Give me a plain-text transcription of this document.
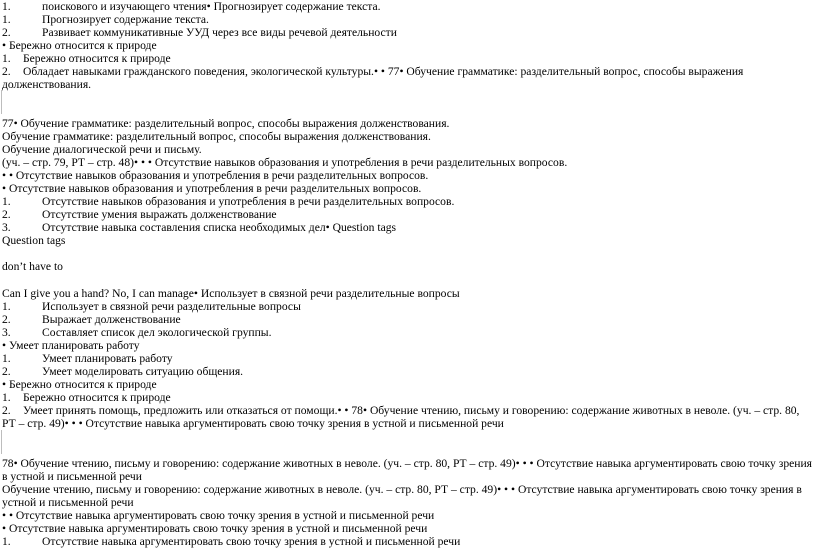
1.	поискового и изучающего чтения• Прогнозирует содержание текста.
1.	Прогнозирует содержание текста.
2.	Развивает коммуникативные УУД через все виды речевой деятельности
• Бережно относится к природе
1. Бережно относится к природе
2. Обладает навыками гражданского поведения, экологической культуры.• • 77• Обучение грамматике: разделительный вопрос, способы выражения долженствования.
77• Обучение грамматике: разделительный вопрос, способы выражения долженствования.
Обучение грамматике: разделительный вопрос, способы выражения долженствования.
Обучение диалогической речи и письму.
(уч. – стр. 79, РТ – стр. 48)• • • Отсутствие навыков образования и употребления в речи разделительных вопросов.
• • Отсутствие навыков образования и употребления в речи разделительных вопросов.
• Отсутствие навыков образования и употребления в речи разделительных вопросов.
1.	Отсутствие навыков образования и употребления в речи разделительных вопросов.
2.	Отсутствие умения выражать долженствование
3.	Отсутствие навыка составления списка необходимых дел• Question tags
Question tags
don’t have to
Can I give you a hand? No, I can manage• Использует в связной речи разделительные вопросы
1.	Использует в связной речи разделительные вопросы
2.	Выражает долженствование
3.	Составляет список дел экологической группы.
• Умеет планировать работу
1.	Умеет планировать работу
2.	Умеет моделировать ситуацию общения.
• Бережно относится к природе
1. Бережно относится к природе
2. Умеет принять помощь, предложить или отказаться от помощи.• • 78• Обучение чтению, письму и говорению: содержание животных в неволе. (уч. – стр. 80, РТ – стр. 49)• • • Отсутствие навыка аргументировать свою точку зрения в устной и письменной речи
78• Обучение чтению, письму и говорению: содержание животных в неволе. (уч. – стр. 80, РТ – стр. 49)• • • Отсутствие навыка аргументировать свою точку зрения в устной и письменной речи
Обучение чтению, письму и говорению: содержание животных в неволе. (уч. – стр. 80, РТ – стр. 49)• • • Отсутствие навыка аргументировать свою точку зрения в устной и письменной речи
• • Отсутствие навыка аргументировать свою точку зрения в устной и письменной речи
• Отсутствие навыка аргументировать свою точку зрения в устной и письменной речи
1.	Отсутствие навыка аргументировать свою точку зрения в устной и письменной речи
